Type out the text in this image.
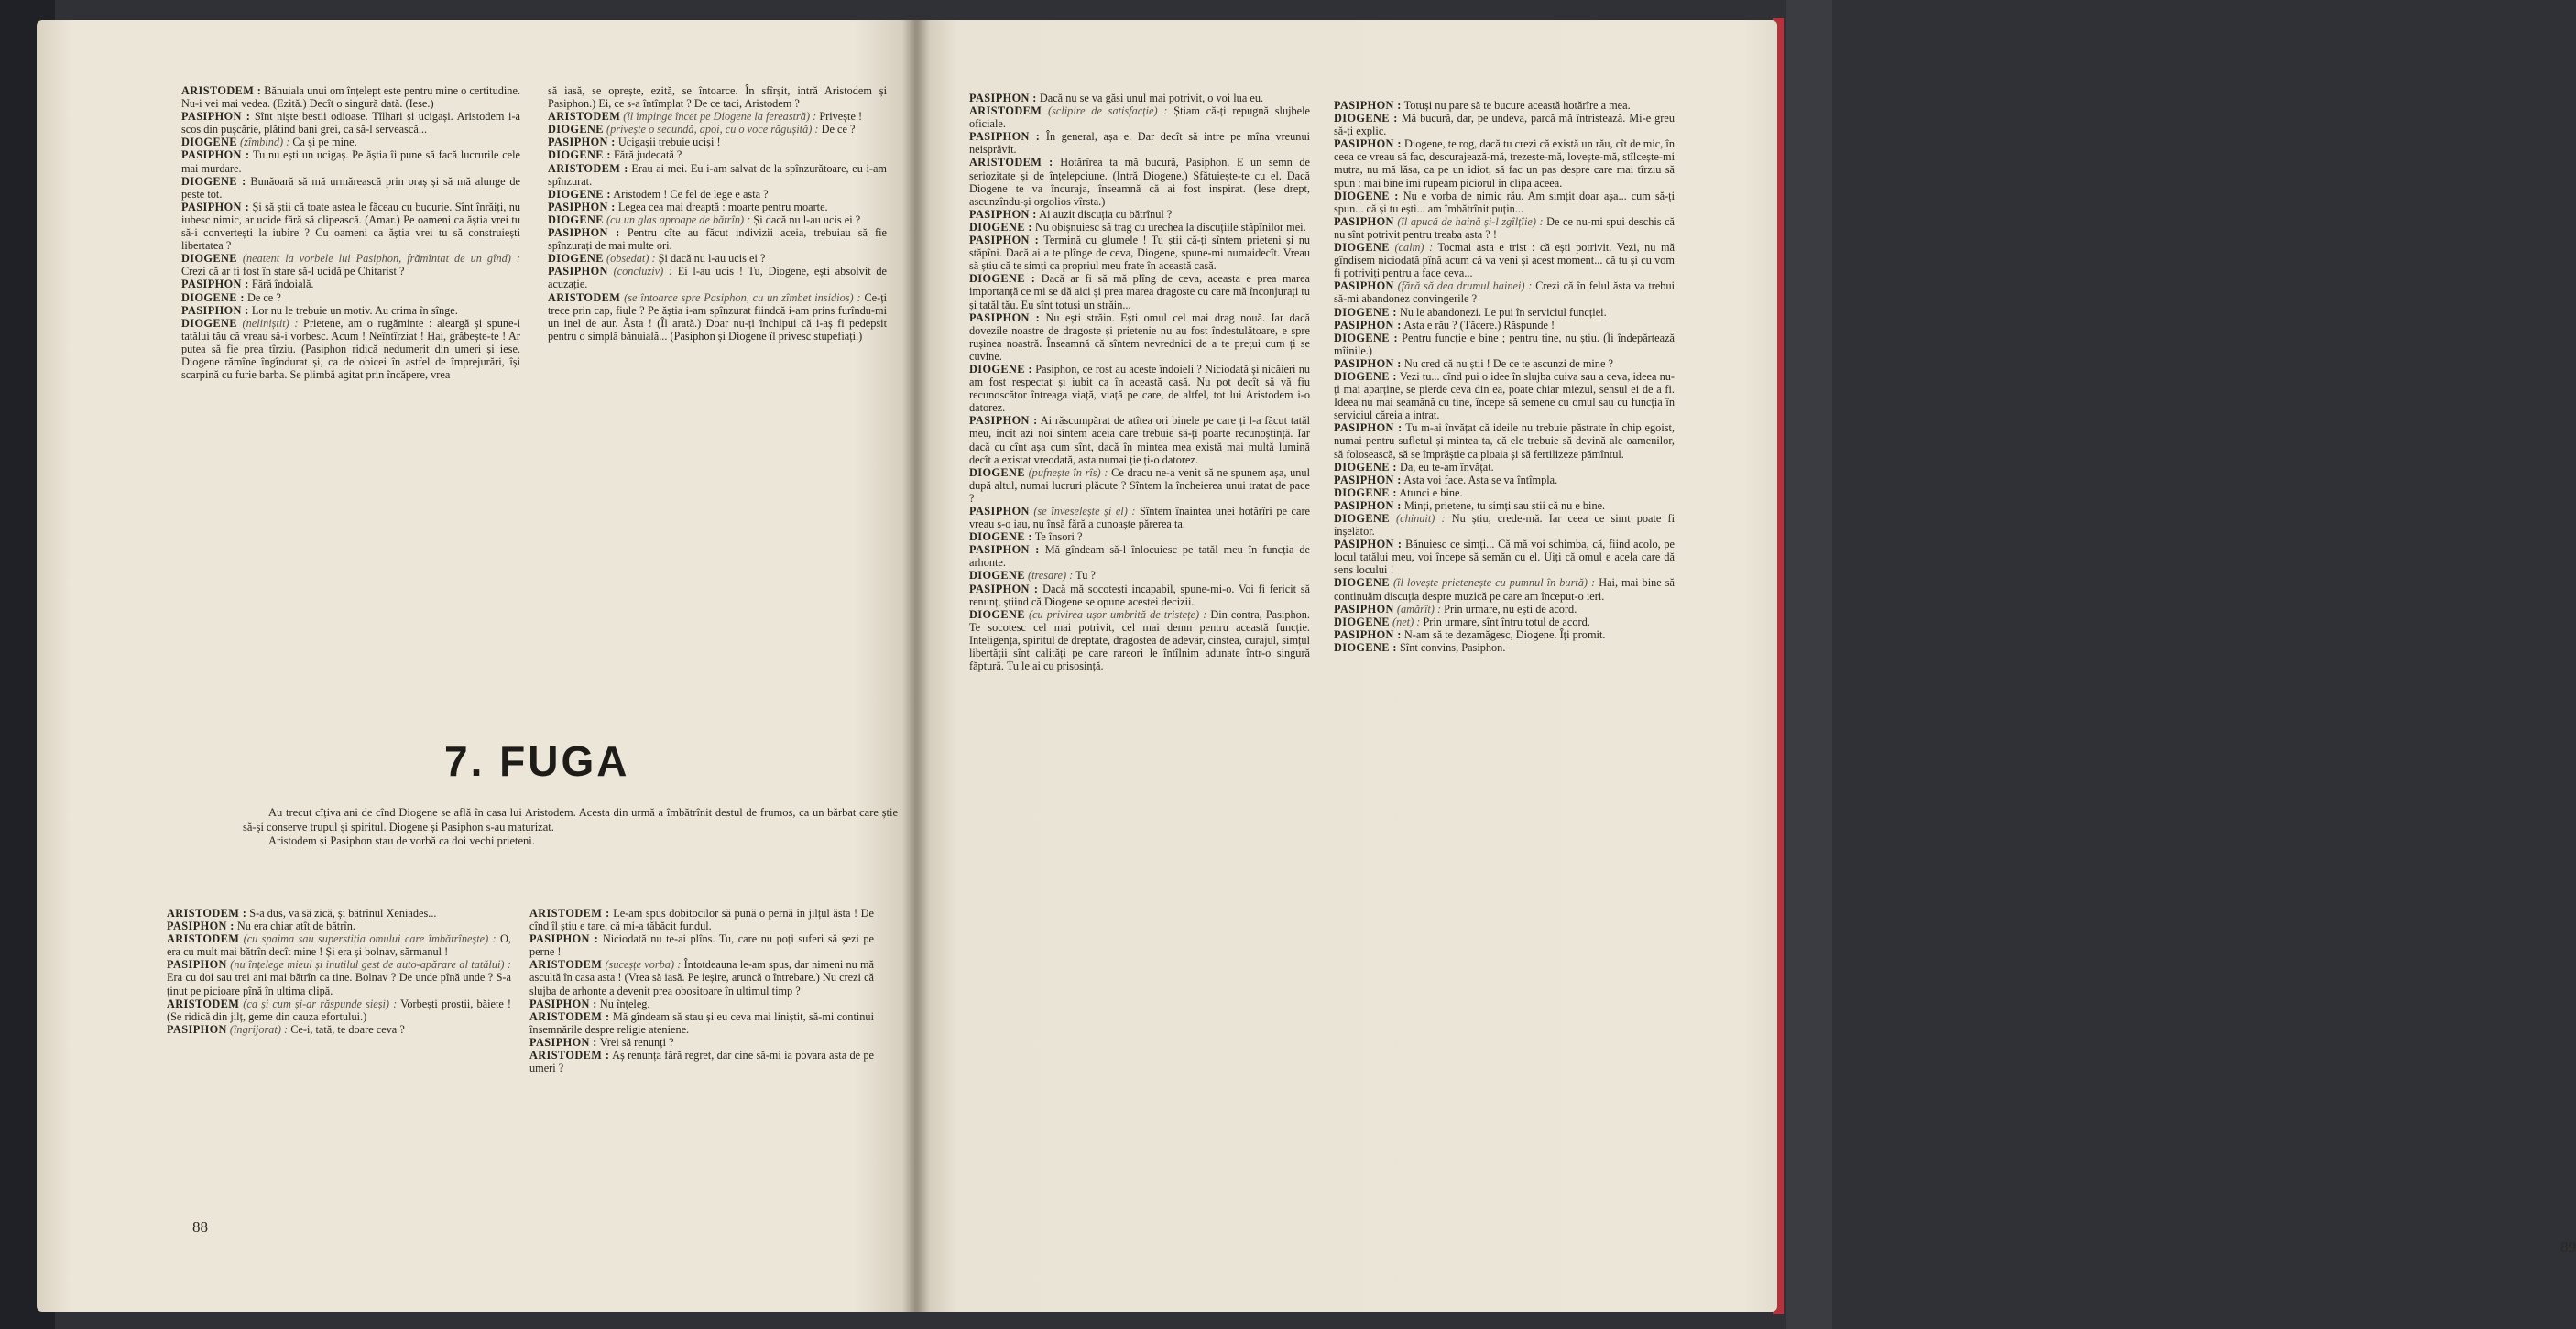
ARISTODEM : Bănuiala unui om înțelept este pentru mine o certitudine. Nu-i vei mai vedea. (Ezită.) Decît o singură dată. (Iese.)

PASIPHON : Sînt niște bestii odioase. Tîlhari și ucigași. Aristodem i-a scos din pușcărie, plătind bani grei, ca să-l servească...

DIOGENE (zîmbind) : Ca și pe mine.

PASIPHON : Tu nu ești un ucigaș. Pe ăștia îi pune să facă lucrurile cele mai murdare.

DIOGENE : Bunăoară să mă urmărească prin oraș și să mă alunge de peste tot.

PASIPHON : Și să știi că toate astea le făceau cu bucurie. Sînt înrăiți, nu iubesc nimic, ar ucide fără să clipească. (Amar.) Pe oameni ca ăștia vrei tu să-i convertești la iubire ? Cu oameni ca ăștia vrei tu să construiești libertatea ?

DIOGENE (neatent la vorbele lui Pasiphon, frămîntat de un gînd) : Crezi că ar fi fost în stare să-l ucidă pe Chitarist ?

PASIPHON : Fără îndoială.

DIOGENE : De ce ?

PASIPHON : Lor nu le trebuie un motiv. Au crima în sînge.

DIOGENE (neliniștit) : Prietene, am o rugăminte : aleargă și spune-i tatălui tău că vreau să-i vorbesc. Acum ! Neîntîrziat ! Hai, grăbește-te ! Ar putea să fie prea tîrziu. (Pasiphon ridică nedumerit din umeri și iese. Diogene rămîne îngîndurat și, ca de obicei în astfel de împrejurări, își scarpină cu furie barba. Se plimbă agitat prin încăpere, vrea

să iasă, se oprește, ezită, se întoarce. În sfîrșit, intră Aristodem și Pasiphon.) Ei, ce s-a întîmplat ? De ce taci, Aristodem ?

ARISTODEM (îl împinge încet pe Diogene la fereastră) : Privește !

DIOGENE (privește o secundă, apoi, cu o voce răgușită) : De ce ?

PASIPHON : Ucigașii trebuie uciși !

DIOGENE : Fără judecată ?

ARISTODEM : Erau ai mei. Eu i-am salvat de la spînzurătoare, eu i-am spînzurat.

DIOGENE : Aristodem ! Ce fel de lege e asta ?

PASIPHON : Legea cea mai dreaptă : moarte pentru moarte.

DIOGENE (cu un glas aproape de bătrîn) : Și dacă nu l-au ucis ei ?

PASIPHON : Pentru cîte au făcut indivizii aceia, trebuiau să fie spînzurați de mai multe ori.

DIOGENE (obsedat) : Și dacă nu l-au ucis ei ?

PASIPHON (concluziv) : Ei l-au ucis ! Tu, Diogene, ești absolvit de acuzație.

ARISTODEM (se întoarce spre Pasiphon, cu un zîmbet insidios) : Ce-ți trece prin cap, fiule ? Pe ăștia i-am spînzurat fiindcă i-am prins furîndu-mi un inel de aur. Ăsta ! (Îl arată.) Doar nu-ți închipui că i-aș fi pedepsit pentru o simplă bănuială... (Pasiphon și Diogene îl privesc stupefiați.)

7. FUGA

Au trecut cîțiva ani de cînd Diogene se află în casa lui Aristodem. Acesta din urmă a îmbătrînit destul de frumos, ca un bărbat care știe să-și conserve trupul și spiritul. Diogene și Pasiphon s-au maturizat.

Aristodem și Pasiphon stau de vorbă ca doi vechi prieteni.

ARISTODEM : S-a dus, va să zică, și bătrînul Xeniades...

PASIPHON : Nu era chiar atît de bătrîn.

ARISTODEM (cu spaima sau superstiția omului care îmbătrînește) : O, era cu mult mai bătrîn decît mine ! Și era și bolnav, sărmanul !

PASIPHON (nu înțelege mieul și inutilul gest de auto-apărare al tatălui) : Era cu doi sau trei ani mai bătrîn ca tine. Bolnav ? De unde pînă unde ? S-a ținut pe picioare pînă în ultima clipă.

ARISTODEM (ca și cum și-ar răspunde sieși) : Vorbești prostii, băiete ! (Se ridică din jilț, geme din cauza efortului.)

PASIPHON (îngrijorat) : Ce-i, tată, te doare ceva ?

ARISTODEM : Le-am spus dobitocilor să pună o pernă în jilțul ăsta ! De cînd îl știu e tare, că mi-a tăbăcit fundul.

PASIPHON : Niciodată nu te-ai plîns. Tu, care nu poți suferi să șezi pe perne !

ARISTODEM (suceșțe vorba) : Întotdeauna le-am spus, dar nimeni nu mă ascultă în casa asta ! (Vrea să iasă. Pe ieșire, aruncă o întrebare.) Nu crezi că slujba de arhonte a devenit prea obositoare în ultimul timp ?

PASIPHON : Nu înțeleg.

ARISTODEM : Mă gîndeam să stau și eu ceva mai liniștit, să-mi continui însemnările despre religie ateniene.

PASIPHON : Vrei să renunți ?

ARISTODEM : Aș renunța fără regret, dar cine să-mi ia povara asta de pe umeri ?

88

PASIPHON : Dacă nu se va găsi unul mai potrivit, o voi lua eu.

ARISTODEM (sclipire de satisfacție) : Știam că-ți repugnă slujbele oficiale.

PASIPHON : În general, așa e. Dar decît să intre pe mîna vreunui neisprăvit.

ARISTODEM : Hotărîrea ta mă bucură, Pasiphon. E un semn de seriozitate și de înțelepciune. (Intră Diogene.) Sfătuiește-te cu el. Dacă Diogene te va încuraja, înseamnă că ai fost inspirat. (Iese drept, ascunzîndu-și orgolios vîrsta.)

PASIPHON : Ai auzit discuția cu bătrînul ?

DIOGENE : Nu obișnuiesc să trag cu urechea la discuțiile stăpînilor mei.

PASIPHON : Termină cu glumele ! Tu știi că-ți sîntem prieteni și nu stăpîni. Dacă ai a te plînge de ceva, Diogene, spune-mi numaidecît. Vreau să știu că te simți ca propriul meu frate în această casă.

DIOGENE : Dacă ar fi să mă plîng de ceva, aceasta e prea marea importanță ce mi se dă aici și prea marea dragoste cu care mă înconjurați tu și tatăl tău. Eu sînt totuși un străin...

PASIPHON : Nu ești străin. Ești omul cel mai drag nouă. Iar dacă dovezile noastre de dragoste și prietenie nu au fost îndestulătoare, e spre rușinea noastră. Înseamnă că sîntem nevrednici de a te prețui cum ți se cuvine.

DIOGENE : Pasiphon, ce rost au aceste îndoieli ? Niciodată și nicăieri nu am fost respectat și iubit ca în această casă. Nu pot decît să vă fiu recunoscător întreaga viață, viață pe care, de altfel, tot lui Aristodem i-o datorez.

PASIPHON : Ai răscumpărat de atîtea ori binele pe care ți l-a făcut tatăl meu, încît azi noi sîntem aceia care trebuie să-ți poarte recunoștință. Iar dacă cu cînt așa cum sînt, dacă în mintea mea există mai multă lumină decît a existat vreodată, asta numai ție ți-o datorez.

DIOGENE (pufnește în rîs) : Ce dracu ne-a venit să ne spunem așa, unul după altul, numai lucruri plăcute ? Sîntem la încheierea unui tratat de pace ?

PASIPHON (se înveselește și el) : Sîntem înaintea unei hotărîri pe care vreau s-o iau, nu însă fără a cunoaște părerea ta.

DIOGENE : Te însori ?

PASIPHON : Mă gîndeam să-l înlocuiesc pe tatăl meu în funcția de arhonte.

DIOGENE (tresare) : Tu ?

PASIPHON : Dacă mă socotești incapabil, spune-mi-o. Voi fi fericit să renunț, știind că Diogene se opune acestei decizii.

DIOGENE (cu privirea ușor umbrită de tristețe) : Din contra, Pasiphon. Te socotesc cel mai potrivit, cel mai demn pentru această funcție. Inteligența, spiritul de dreptate, dragostea de adevăr, cinstea, curajul, simțul libertății sînt calități pe care rareori le întîlnim adunate într-o singură făptură. Tu le ai cu prisosință.

PASIPHON : Totuși nu pare să te bucure această hotărîre a mea.

DIOGENE : Mă bucură, dar, pe undeva, parcă mă întristează. Mi-e greu să-ți explic.

PASIPHON : Diogene, te rog, dacă tu crezi că există un rău, cît de mic, în ceea ce vreau să fac, descurajează-mă, trezește-mă, lovește-mă, stîlcește-mi mutra, nu mă lăsa, ca pe un idiot, să fac un pas despre care mai tîrziu să spun : mai bine îmi rupeam piciorul în clipa aceea.

DIOGENE : Nu e vorba de nimic rău. Am simțit doar așa... cum să-ți spun... că și tu ești... am îmbătrînit puțin...

PASIPHON (îl apucă de haină și-l zgîlțîie) : De ce nu-mi spui deschis că nu sînt potrivit pentru treaba asta ? !

DIOGENE (calm) : Tocmai asta e trist : că ești potrivit. Vezi, nu mă gîndisem niciodată pînă acum că va veni și acest moment... că tu și cu vom fi potriviți pentru a face ceva...

PASIPHON (fără să dea drumul hainei) : Crezi că în felul ăsta va trebui să-mi abandonez convingerile ?

DIOGENE : Nu le abandonezi. Le pui în serviciul funcției.

PASIPHON : Asta e rău ? (Tăcere.) Răspunde !

DIOGENE : Pentru funcție e bine ; pentru tine, nu știu. (Îi îndepărtează mîinile.)

PASIPHON : Nu cred că nu știi ! De ce te ascunzi de mine ?

DIOGENE : Vezi tu... cînd pui o idee în slujba cuiva sau a ceva, ideea nu-ți mai aparține, se pierde ceva din ea, poate chiar miezul, sensul ei de a fi. Ideea nu mai seamănă cu tine, începe să semene cu omul sau cu funcția în serviciul căreia a intrat.

PASIPHON : Tu m-ai învățat că ideile nu trebuie păstrate în chip egoist, numai pentru sufletul și mintea ta, că ele trebuie să devină ale oamenilor, să folosească, să se împrăștie ca ploaia și să fertilizeze pămîntul.

DIOGENE : Da, eu te-am învățat.

PASIPHON : Asta voi face. Asta se va întîmpla.

DIOGENE : Atunci e bine.

PASIPHON : Minți, prietene, tu simți sau știi că nu e bine.

DIOGENE (chinuit) : Nu știu, crede-mă. Iar ceea ce simt poate fi înșelător.

PASIPHON : Bănuiesc ce simți... Că mă voi schimba, că, fiind acolo, pe locul tatălui meu, voi începe să semăn cu el. Uiți că omul e acela care dă sens locului !

DIOGENE (îl lovește prietenește cu pumnul în burtă) : Hai, mai bine să continuăm discuția despre muzică pe care am început-o ieri.

PASIPHON (amărît) : Prin urmare, nu ești de acord.

DIOGENE (net) : Prin urmare, sînt întru totul de acord.

PASIPHON : N-am să te dezamăgesc, Diogene. Îți promit.

DIOGENE : Sînt convins, Pasiphon.

89
